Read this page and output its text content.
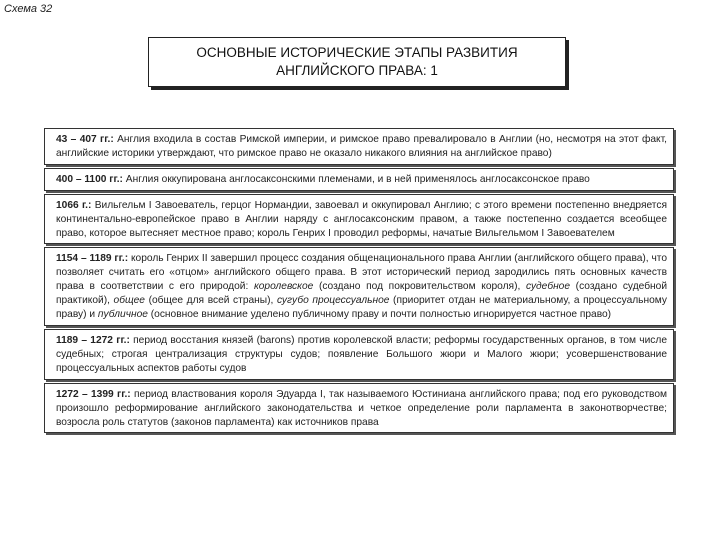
Схема 32
ОСНОВНЫЕ ИСТОРИЧЕСКИЕ ЭТАПЫ РАЗВИТИЯ
АНГЛИЙСКОГО ПРАВА: 1
43 – 407 гг.: Англия входила в состав Римской империи, и римское право превалировало в Англии (но, несмотря на этот факт, английские историки утверждают, что римское право не оказало никакого влияния на английское право)
400 – 1100 гг.: Англия оккупирована англосаксонскими племенами, и в ней применялось англосаксонское право
1066 г.: Вильгельм I Завоеватель, герцог Нормандии, завоевал и оккупировал Англию; с этого времени постепенно внедряется континентально-европейское право в Англии наряду с англосаксонским правом, а также постепенно создается всеобщее право, которое вытесняет местное право; король Генрих I проводил реформы, начатые Вильгельмом I Завоевателем
1154 – 1189 гг.: король Генрих II завершил процесс создания общенационального права Англии (английского общего права), что позволяет считать его «отцом» английского общего права. В этот исторический период зародились пять основных качеств права в соответствии с его природой: королевское (создано под покровительством короля), судебное (создано судебной практикой), общее (общее для всей страны), сугубо процессуальное (приоритет отдан не материальному, а процессуальному праву) и публичное (основное внимание уделено публичному праву и почти полностью игнорируется частное право)
1189 – 1272 гг.: период восстания князей (barons) против королевской власти; реформы государственных органов, в том числе судебных; строгая централизация структуры судов; появление Большого жюри и Малого жюри; усовершенствование процессуальных аспектов работы судов
1272 – 1399 гг.: период властвования короля Эдуарда I, так называемого Юстиниана английского права; под его руководством произошло реформирование английского законодательства и четкое определение роли парламента в законотворчестве; возросла роль статутов (законов парламента) как источников права
